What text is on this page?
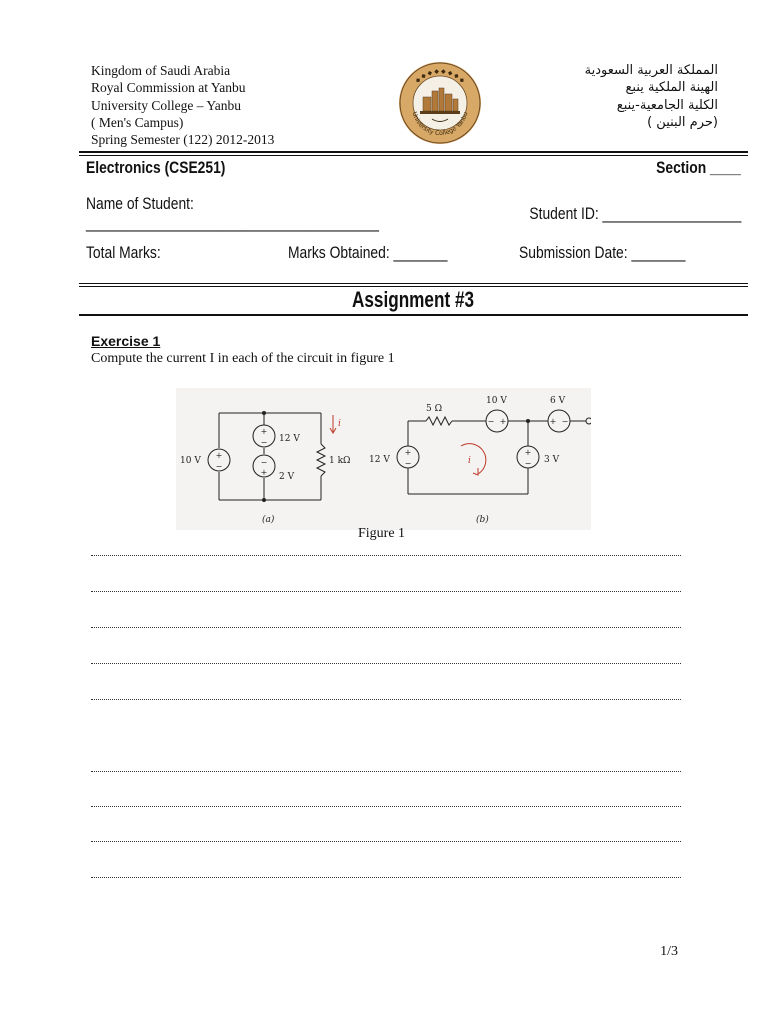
Kingdom of Saudi Arabia
Royal Commission at Yanbu
University College – Yanbu
( Men's Campus)
Spring Semester (122) 2012-2013
University College Yanbu
◆ ◆ ◆ ◆ ◆ ◆ ◆ ◆
المملكة العربية السعودية
الهينة الملكية ينبع
الكلية الجامعية-ينبع
(حرم البنين )
Electronics (CSE251)	Section ____
Name of Student:
______________________________________	Student ID: __________________
Total Marks:	Marks Obtained: _______	Submission Date: _______
Assignment #3
Exercise 1
Compute the current I in each of the circuit in figure 1
+
−
+
−
−
+
+
−
+
−
− +	+ −
10 V
12 V
2 V
1 kΩ
i
(a)
5 Ω
10 V	6 V
12 V	3 V
i
(b)
Figure 1
1/3
